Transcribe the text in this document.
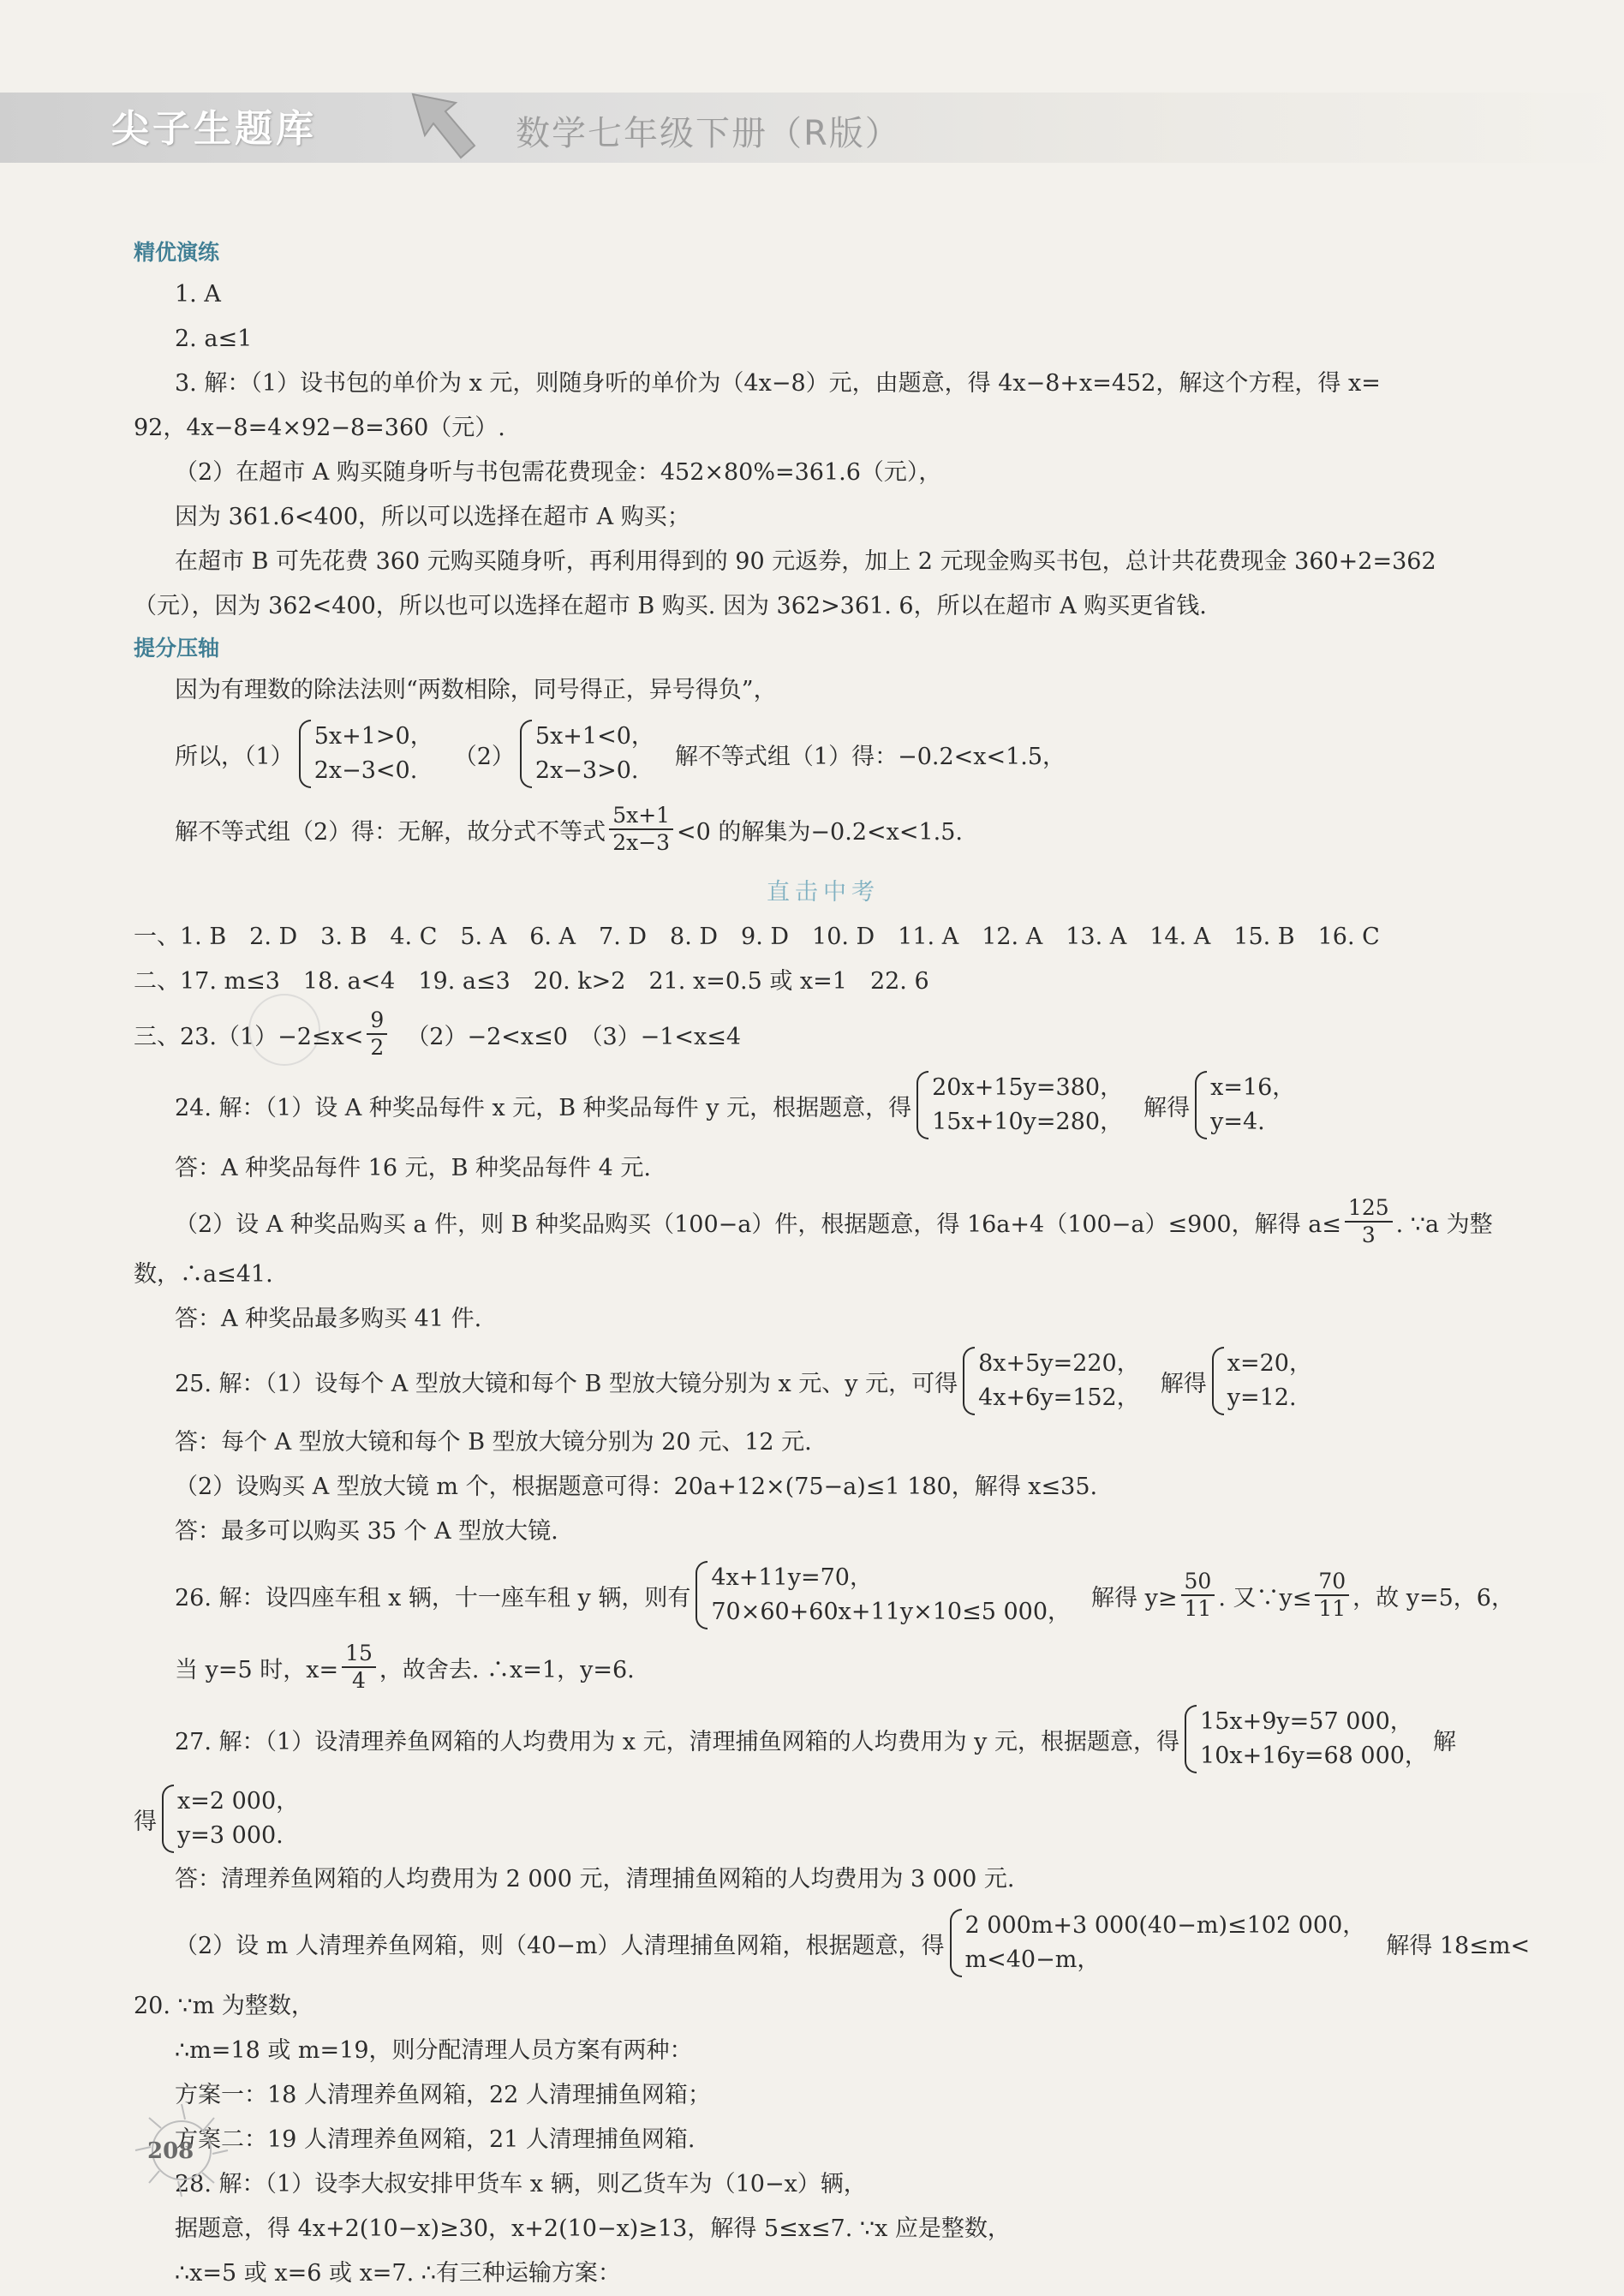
尖子生题库	数学七年级下册（R版）
精优演练
1. A
2. a≤1
3. 解：（1）设书包的单价为 x 元，则随身听的单价为（4x−8）元，由题意，得 4x−8+x=452，解这个方程，得 x=
92，4x−8=4×92−8=360（元）.
（2）在超市 A 购买随身听与书包需花费现金：452×80%=361.6（元），
因为 361.6<400，所以可以选择在超市 A 购买；
在超市 B 可先花费 360 元购买随身听，再利用得到的 90 元返券，加上 2 元现金购买书包，总计共花费现金 360+2=362
（元），因为 362<400，所以也可以选择在超市 B 购买. 因为 362>361. 6，所以在超市 A 购买更省钱.
提分压轴
因为有理数的除法法则“两数相除，同号得正，异号得负”，
所以，（1）
5x+1>0，
2x−3<0.
（2）
5x+1<0，
2x−3>0.
解不等式组（1）得：−0.2<x<1.5，
解不等式组（2）得：无解，故分式不等式 $\frac{5x+1}{2x-3} <0$ 的解集为−0.2<x<1.5.
直击中考
一、1. B　2. D　3. B　4. C　5. A　6. A　7. D　8. D　9. D　10. D　11. A　12. A　13. A　14. A　15. B　16. C
二、17. m≤3　18. a<4　19. a≤3　20. k>2　21. x=0.5 或 x=1　22. 6
三、$23.(1)-2\le x< \frac{9}{2} (2)-2<x\le 0$　（3）−1<x≤4
24. 解：（1）设 A 种奖品每件 x 元，B 种奖品每件 y 元，根据题意，得
20x+15y=380，
15x+10y=280，
解得
x=16，
y=4.
答：A 种奖品每件 16 元，B 种奖品每件 4 元.
（2）设 A 种奖品购买 a 件，则 B 种奖品购买（100−a）件，根据题意，得 16a+4（100−a）≤900，解得 $a\le \frac{125}{3}$ . ∵a 为整
数，∴a≤41.
答：A 种奖品最多购买 41 件.
25. 解：（1）设每个 A 型放大镜和每个 B 型放大镜分别为 x 元、y 元，可得
8x+5y=220，
4x+6y=152，
解得
x=20，
y=12.
答：每个 A 型放大镜和每个 B 型放大镜分别为 20 元、12 元.
（2）设购买 A 型放大镜 m 个，根据题意可得：20a+12×(75−a)≤1 180，解得 x≤35.
答：最多可以购买 35 个 A 型放大镜.
26. 解：设四座车租 x 辆，十一座车租 y 辆，则有
4x+11y=70，
70×60+60x+11y×10≤5 000，
解得 $y\ge \frac{50}{11}$ . 又∵y≤ $\frac{70}{11}$ ，故 y=5，6，
当 y=5 时，$x= \frac{15}{4}$ ，故舍去. ∴x=1，y=6.
27. 解：（1）设清理养鱼网箱的人均费用为 x 元，清理捕鱼网箱的人均费用为 y 元，根据题意，得
15x+9y=57 000，
10x+16y=68 000，
解
得
x=2 000，
y=3 000.
答：清理养鱼网箱的人均费用为 2 000 元，清理捕鱼网箱的人均费用为 3 000 元.
（2）设 m 人清理养鱼网箱，则（40−m）人清理捕鱼网箱，根据题意，得
2 000m+3 000(40−m)≤102 000，
m<40−m，
解得 18≤m<
20. ∵m 为整数，
∴m=18 或 m=19，则分配清理人员方案有两种：
方案一：18 人清理养鱼网箱，22 人清理捕鱼网箱；
方案二：19 人清理养鱼网箱，21 人清理捕鱼网箱.
28. 解：（1）设李大叔安排甲货车 x 辆，则乙货车为（10−x）辆，
据题意，得 4x+2(10−x)≥30，x+2(10−x)≥13，解得 5≤x≤7. ∵x 应是整数，
∴x=5 或 x=6 或 x=7. ∴有三种运输方案：
208
